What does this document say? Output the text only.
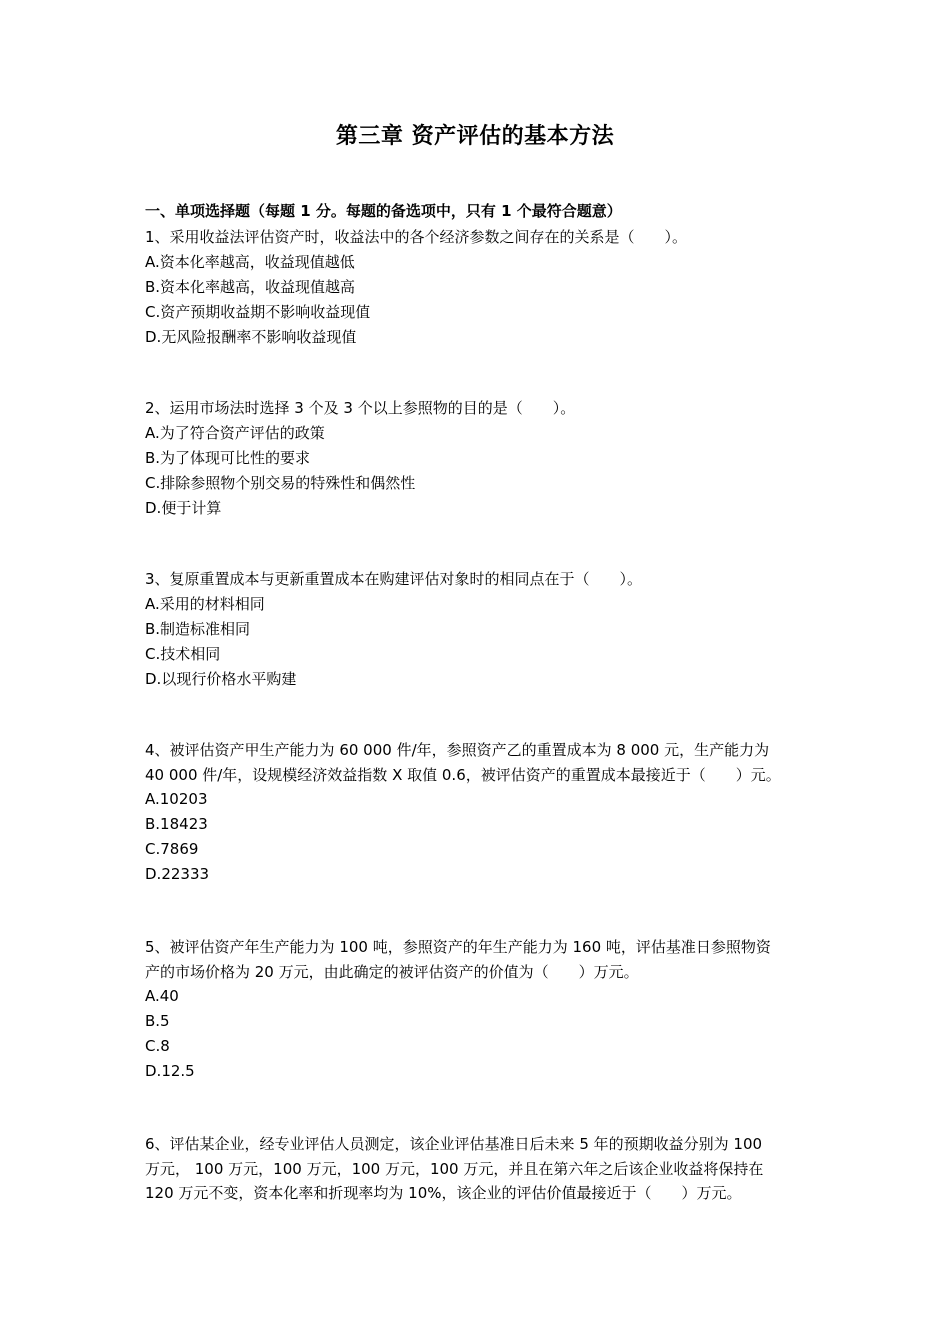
第三章 资产评估的基本方法
一、单项选择题（每题 1 分。每题的备选项中，只有 1 个最符合题意）
1、采用收益法评估资产时，收益法中的各个经济参数之间存在的关系是（　　）。
A.资本化率越高，收益现值越低
B.资本化率越高，收益现值越高
C.资产预期收益期不影响收益现值
D.无风险报酬率不影响收益现值
2、运用市场法时选择 3 个及 3 个以上参照物的目的是（　　）。
A.为了符合资产评估的政策
B.为了体现可比性的要求
C.排除参照物个别交易的特殊性和偶然性
D.便于计算
3、复原重置成本与更新重置成本在购建评估对象时的相同点在于（　　）。
A.采用的材料相同
B.制造标准相同
C.技术相同
D.以现行价格水平购建
4、被评估资产甲生产能力为 60 000 件/年，参照资产乙的重置成本为 8 000 元，生产能力为
40 000 件/年，设规模经济效益指数 X 取值 0.6，被评估资产的重置成本最接近于（　　）元。
A.10203
B.18423
C.7869
D.22333
5、被评估资产年生产能力为 100 吨，参照资产的年生产能力为 160 吨，评估基准日参照物资
产的市场价格为 20 万元，由此确定的被评估资产的价值为（　　）万元。
A.40
B.5
C.8
D.12.5
6、评估某企业，经专业评估人员测定，该企业评估基准日后未来 5 年的预期收益分别为 100
万元， 100 万元，100 万元，100 万元，100 万元，并且在第六年之后该企业收益将保持在
120 万元不变，资本化率和折现率均为 10%，该企业的评估价值最接近于（　　）万元。
